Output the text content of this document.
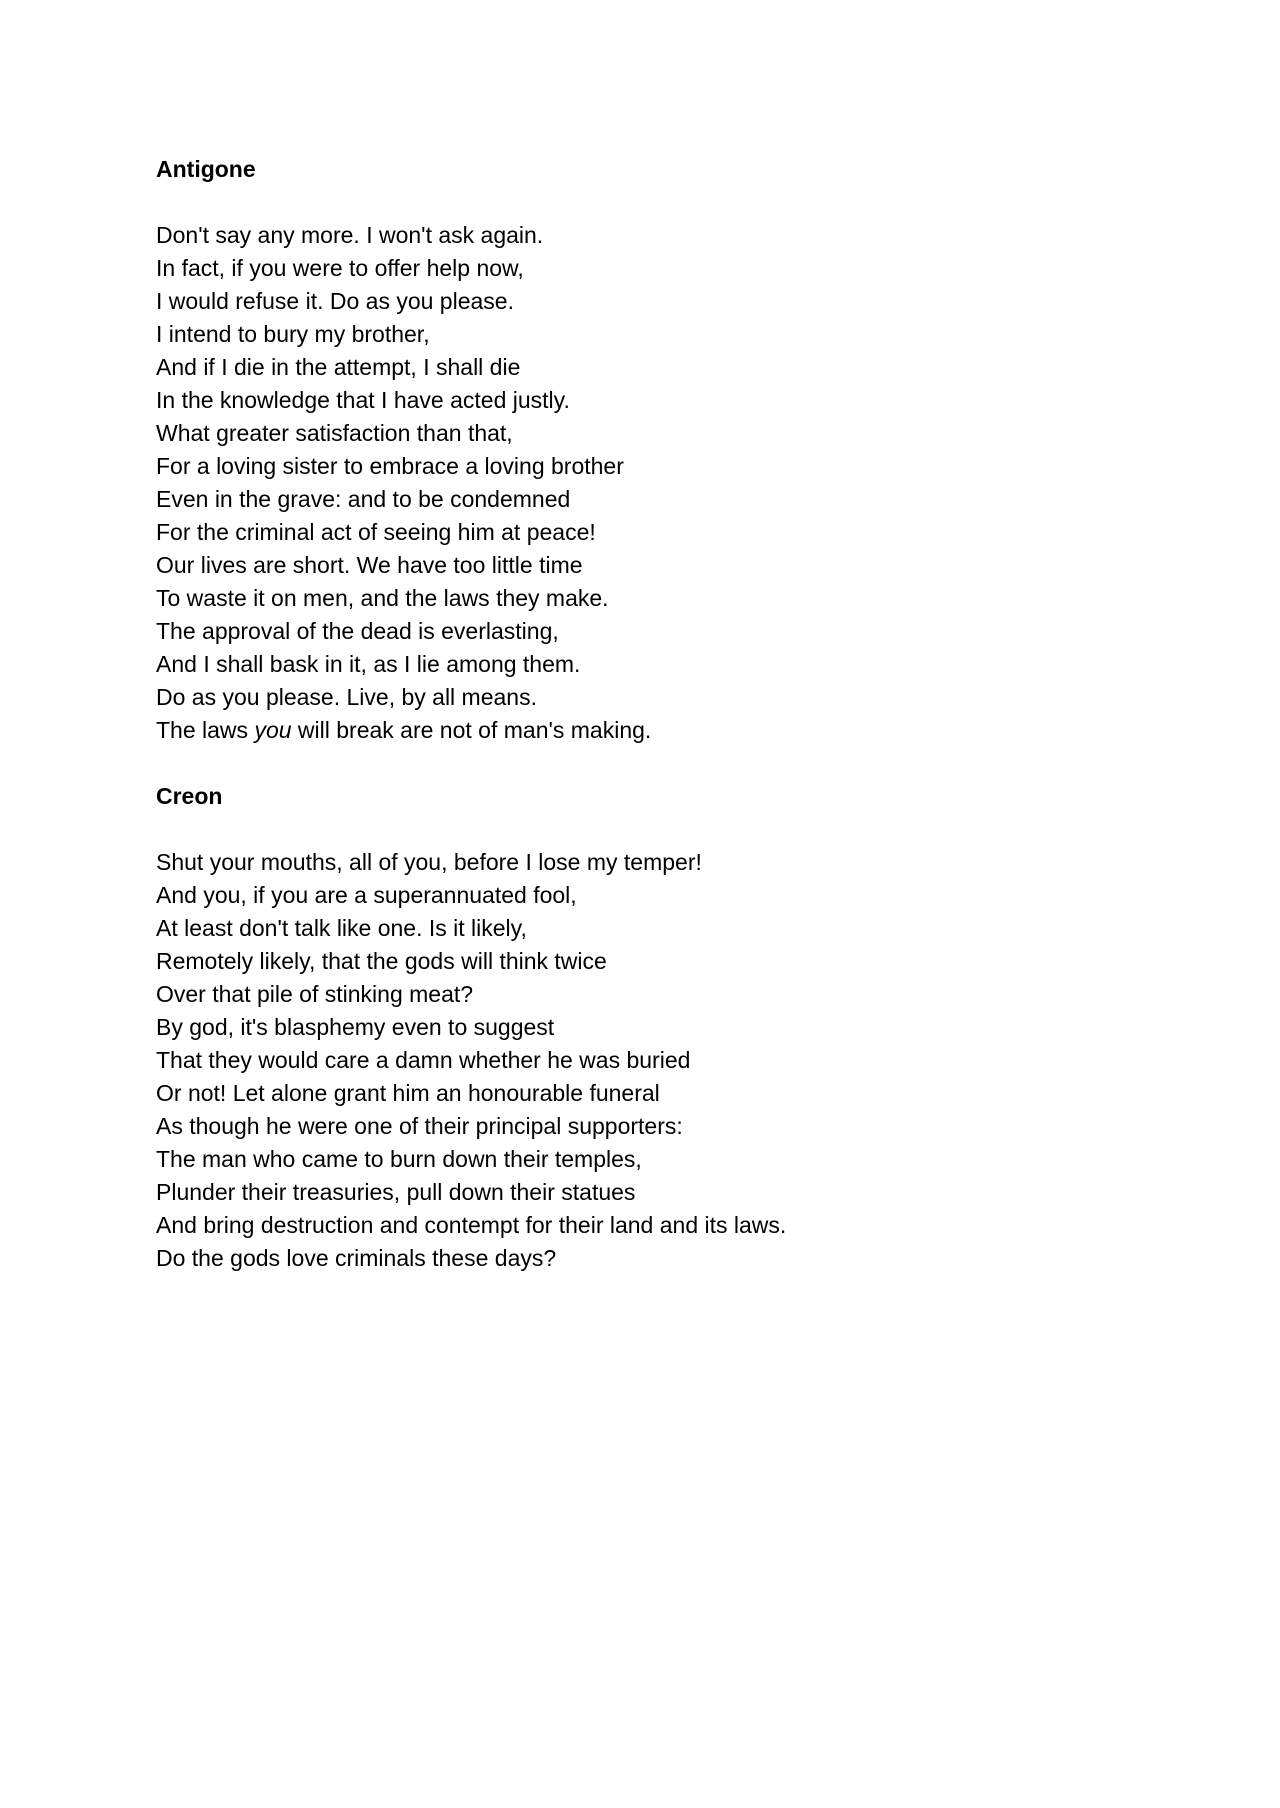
Antigone
Don't say any more. I won't ask again.
In fact, if you were to offer help now,
I would refuse it. Do as you please.
I intend to bury my brother,
And if I die in the attempt, I shall die
In the knowledge that I have acted justly.
What greater satisfaction than that,
For a loving sister to embrace a loving brother
Even in the grave: and to be condemned
For the criminal act of seeing him at peace!
Our lives are short. We have too little time
To waste it on men, and the laws they make.
The approval of the dead is everlasting,
And I shall bask in it, as I lie among them.
Do as you please. Live, by all means.
The laws you will break are not of man's making.
Creon
Shut your mouths, all of you, before I lose my temper!
And you, if you are a superannuated fool,
At least don't talk like one. Is it likely,
Remotely likely, that the gods will think twice
Over that pile of stinking meat?
By god, it's blasphemy even to suggest
That they would care a damn whether he was buried
Or not! Let alone grant him an honourable funeral
As though he were one of their principal supporters:
The man who came to burn down their temples,
Plunder their treasuries, pull down their statues
And bring destruction and contempt for their land and its laws.
Do the gods love criminals these days?
